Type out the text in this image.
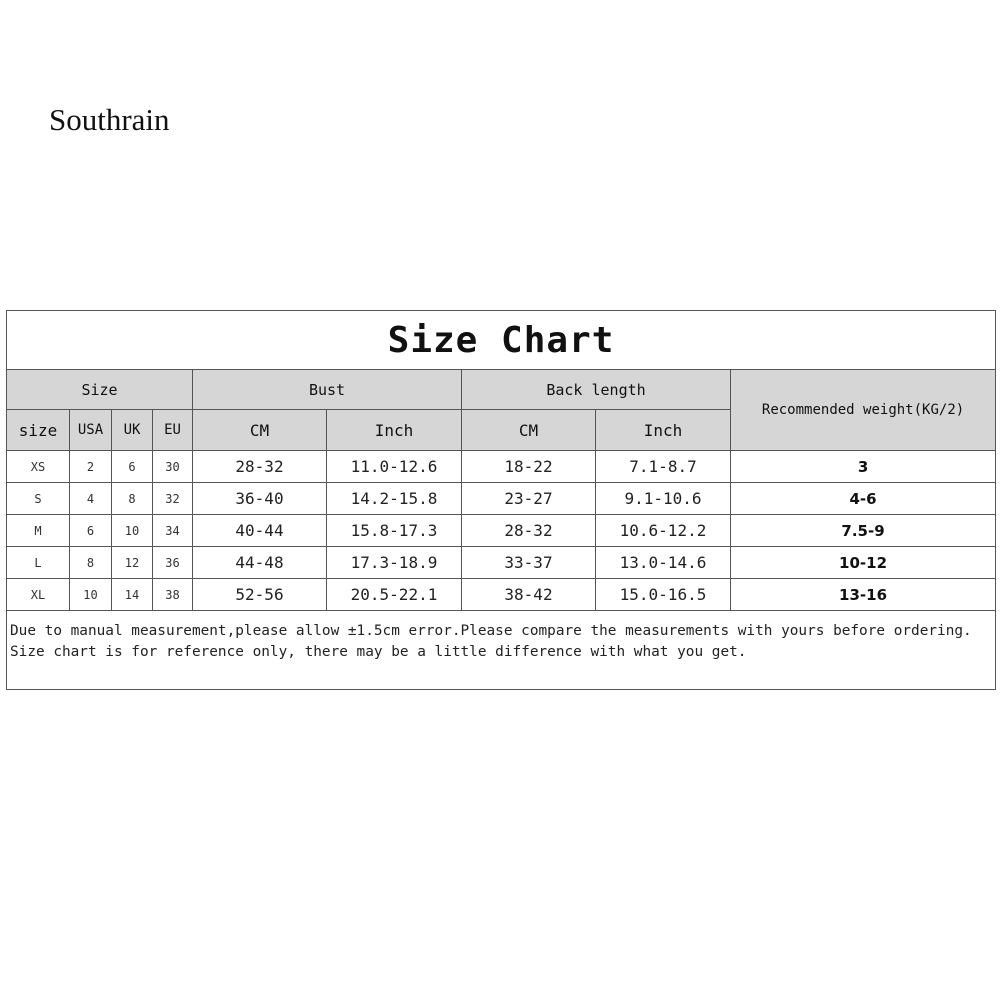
Southrain
Size Chart								
Size				Bust		Back length		Recommended weight(KG/2)
size	USA	UK	EU	CM	Inch	CM	Inch	
XS	2	6	30	28-32	11.0-12.6	18-22	7.1-8.7	3
S	4	8	32	36-40	14.2-15.8	23-27	9.1-10.6	4-6
M	6	10	34	40-44	15.8-17.3	28-32	10.6-12.2	7.5-9
L	8	12	36	44-48	17.3-18.9	33-37	13.0-14.6	10-12
XL	10	14	38	52-56	20.5-22.1	38-42	15.0-16.5	13-16

Due to manual measurement,please allow ±1.5cm error.Please compare the measurements with yours before ordering.
Size chart is for reference only, there may be a little difference with what you get.								
